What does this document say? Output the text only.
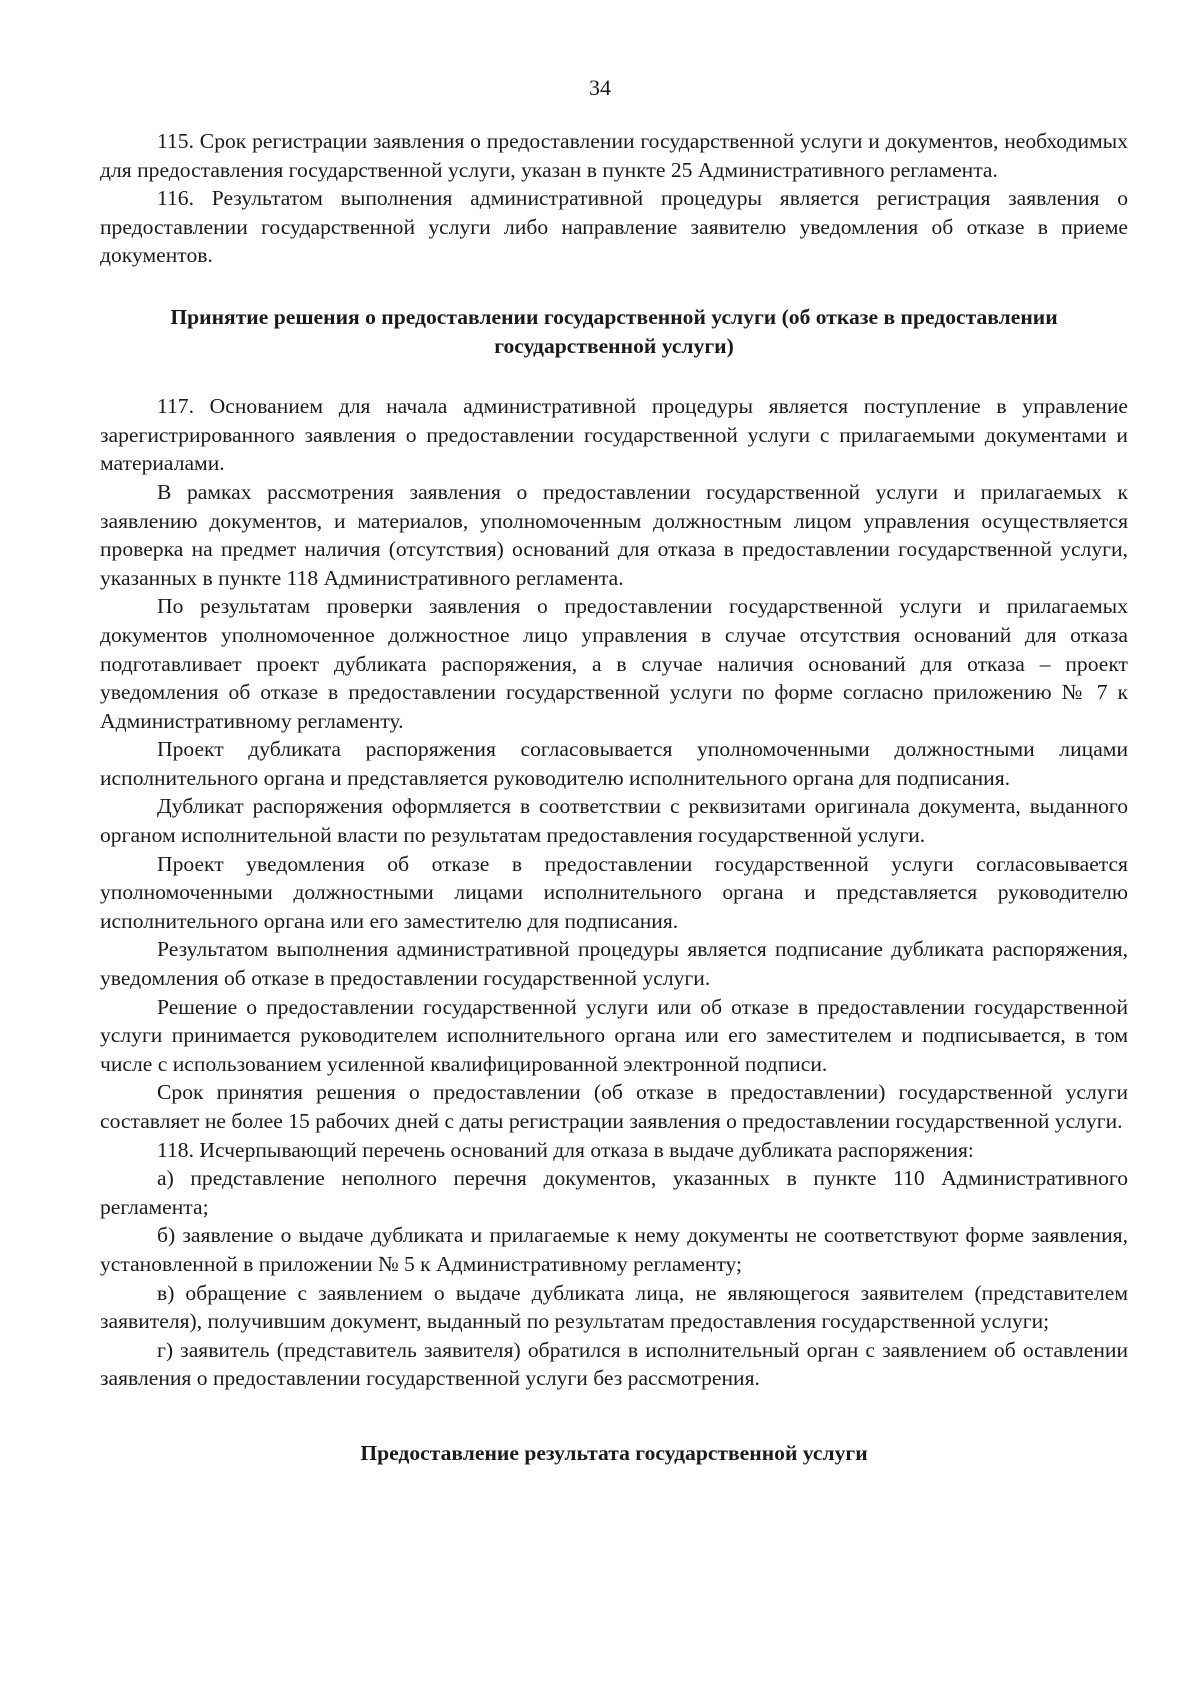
34

115. Срок регистрации заявления о предоставлении государственной услуги и документов, необходимых для предоставления государственной услуги, указан в пункте 25 Административного регламента.

116. Результатом выполнения административной процедуры является регистрация заявления о предоставлении государственной услуги либо направление заявителю уведомления об отказе в приеме документов.

Принятие решения о предоставлении государственной услуги (об отказе в предоставлении государственной услуги)

117. Основанием для начала административной процедуры является поступление в управление зарегистрированного заявления о предоставлении государственной услуги с прилагаемыми документами и материалами.

В рамках рассмотрения заявления о предоставлении государственной услуги и прилагаемых к заявлению документов, и материалов, уполномоченным должностным лицом управления осуществляется проверка на предмет наличия (отсутствия) оснований для отказа в предоставлении государственной услуги, указанных в пункте 118 Административного регламента.

По результатам проверки заявления о предоставлении государственной услуги и прилагаемых документов уполномоченное должностное лицо управления в случае отсутствия оснований для отказа подготавливает проект дубликата распоряжения, а в случае наличия оснований для отказа – проект уведомления об отказе в предоставлении государственной услуги по форме согласно приложению № 7 к Административному регламенту.

Проект дубликата распоряжения согласовывается уполномоченными должностными лицами исполнительного органа и представляется руководителю исполнительного органа для подписания.

Дубликат распоряжения оформляется в соответствии с реквизитами оригинала документа, выданного органом исполнительной власти по результатам предоставления государственной услуги.

Проект уведомления об отказе в предоставлении государственной услуги согласовывается уполномоченными должностными лицами исполнительного органа и представляется руководителю исполнительного органа или его заместителю для подписания.

Результатом выполнения административной процедуры является подписание дубликата распоряжения, уведомления об отказе в предоставлении государственной услуги.

Решение о предоставлении государственной услуги или об отказе в предоставлении государственной услуги принимается руководителем исполнительного органа или его заместителем и подписывается, в том числе с использованием усиленной квалифицированной электронной подписи.

Срок принятия решения о предоставлении (об отказе в предоставлении) государственной услуги составляет не более 15 рабочих дней с даты регистрации заявления о предоставлении государственной услуги.

118. Исчерпывающий перечень оснований для отказа в выдаче дубликата распоряжения:

а) представление неполного перечня документов, указанных в пункте 110 Административного регламента;

б) заявление о выдаче дубликата и прилагаемые к нему документы не соответствуют форме заявления, установленной в приложении № 5 к Административному регламенту;

в) обращение с заявлением о выдаче дубликата лица, не являющегося заявителем (представителем заявителя), получившим документ, выданный по результатам предоставления государственной услуги;

г) заявитель (представитель заявителя) обратился в исполнительный орган с заявлением об оставлении заявления о предоставлении государственной услуги без рассмотрения.

Предоставление результата государственной услуги
